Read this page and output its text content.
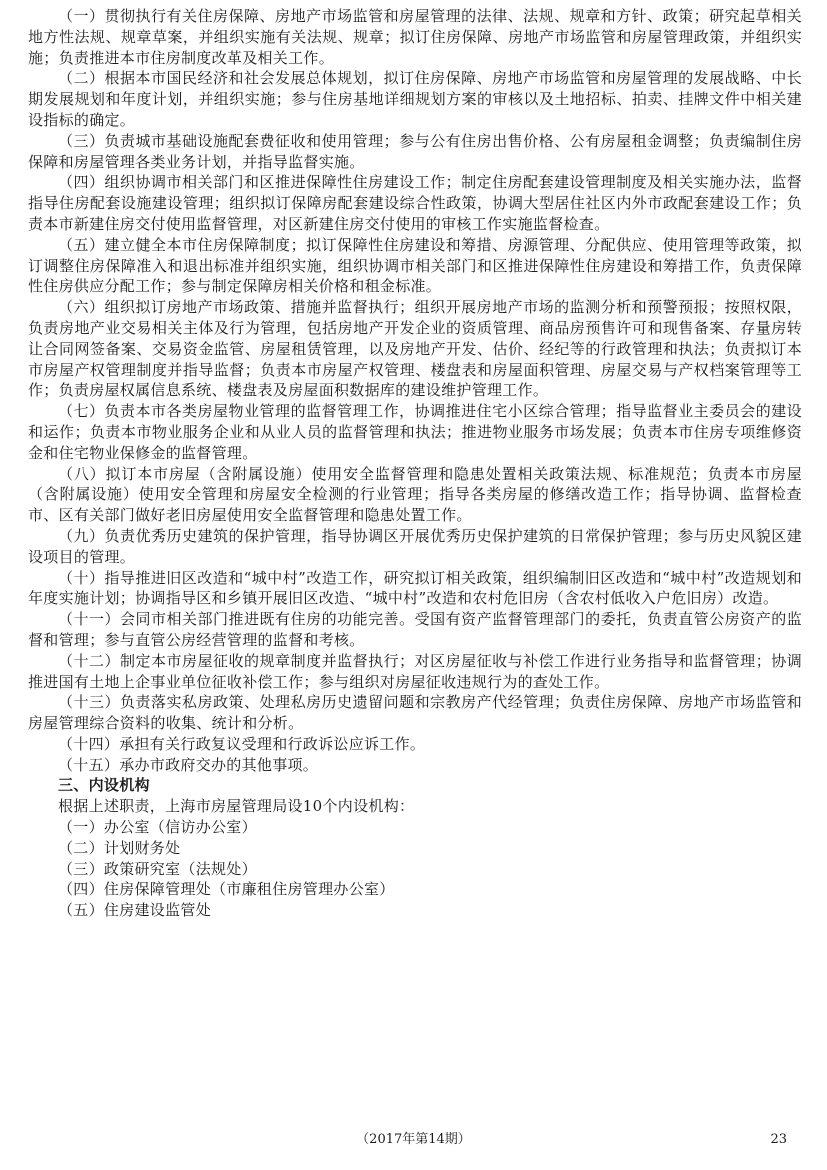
（一）贯彻执行有关住房保障、房地产市场监管和房屋管理的法律、法规、规章和方针、政策；研究起草相关地方性法规、规章草案，并组织实施有关法规、规章；拟订住房保障、房地产市场监管和房屋管理政策，并组织实施；负责推进本市住房制度改革及相关工作。

（二）根据本市国民经济和社会发展总体规划，拟订住房保障、房地产市场监管和房屋管理的发展战略、中长期发展规划和年度计划，并组织实施；参与住房基地详细规划方案的审核以及土地招标、拍卖、挂牌文件中相关建设指标的确定。

（三）负责城市基础设施配套费征收和使用管理；参与公有住房出售价格、公有房屋租金调整；负责编制住房保障和房屋管理各类业务计划，并指导监督实施。

（四）组织协调市相关部门和区推进保障性住房建设工作；制定住房配套建设管理制度及相关实施办法，监督指导住房配套设施建设管理；组织拟订保障房配套建设综合性政策，协调大型居住社区内外市政配套建设工作；负责本市新建住房交付使用监督管理，对区新建住房交付使用的审核工作实施监督检查。

（五）建立健全本市住房保障制度；拟订保障性住房建设和筹措、房源管理、分配供应、使用管理等政策，拟订调整住房保障准入和退出标准并组织实施，组织协调市相关部门和区推进保障性住房建设和筹措工作，负责保障性住房供应分配工作；参与制定保障房相关价格和租金标准。

（六）组织拟订房地产市场政策、措施并监督执行；组织开展房地产市场的监测分析和预警预报；按照权限，负责房地产业交易相关主体及行为管理，包括房地产开发企业的资质管理、商品房预售许可和现售备案、存量房转让合同网签备案、交易资金监管、房屋租赁管理，以及房地产开发、估价、经纪等的行政管理和执法；负责拟订本市房屋产权管理制度并指导监督；负责本市房屋产权管理、楼盘表和房屋面积管理、房屋交易与产权档案管理等工作；负责房屋权属信息系统、楼盘表及房屋面积数据库的建设维护管理工作。

（七）负责本市各类房屋物业管理的监督管理工作，协调推进住宅小区综合管理；指导监督业主委员会的建设和运作；负责本市物业服务企业和从业人员的监督管理和执法；推进物业服务市场发展；负责本市住房专项维修资金和住宅物业保修金的监督管理。

（八）拟订本市房屋（含附属设施）使用安全监督管理和隐患处置相关政策法规、标准规范；负责本市房屋（含附属设施）使用安全管理和房屋安全检测的行业管理；指导各类房屋的修缮改造工作；指导协调、监督检查市、区有关部门做好老旧房屋使用安全监督管理和隐患处置工作。

（九）负责优秀历史建筑的保护管理，指导协调区开展优秀历史保护建筑的日常保护管理；参与历史风貌区建设项目的管理。

（十）指导推进旧区改造和“城中村”改造工作，研究拟订相关政策，组织编制旧区改造和“城中村”改造规划和年度实施计划；协调指导区和乡镇开展旧区改造、“城中村”改造和农村危旧房（含农村低收入户危旧房）改造。

（十一）会同市相关部门推进既有住房的功能完善。受国有资产监督管理部门的委托，负责直管公房资产的监督和管理；参与直管公房经营管理的监督和考核。

（十二）制定本市房屋征收的规章制度并监督执行；对区房屋征收与补偿工作进行业务指导和监督管理；协调推进国有土地上企事业单位征收补偿工作；参与组织对房屋征收违规行为的查处工作。

（十三）负责落实私房政策、处理私房历史遗留问题和宗教房产代经管理；负责住房保障、房地产市场监管和房屋管理综合资料的收集、统计和分析。

（十四）承担有关行政复议受理和行政诉讼应诉工作。

（十五）承办市政府交办的其他事项。

三、内设机构

根据上述职责，上海市房屋管理局设10个内设机构：

（一）办公室（信访办公室）

（二）计划财务处

（三）政策研究室（法规处）

（四）住房保障管理处（市廉租住房管理办公室）

（五）住房建设监管处

（2017年第14期）	23
